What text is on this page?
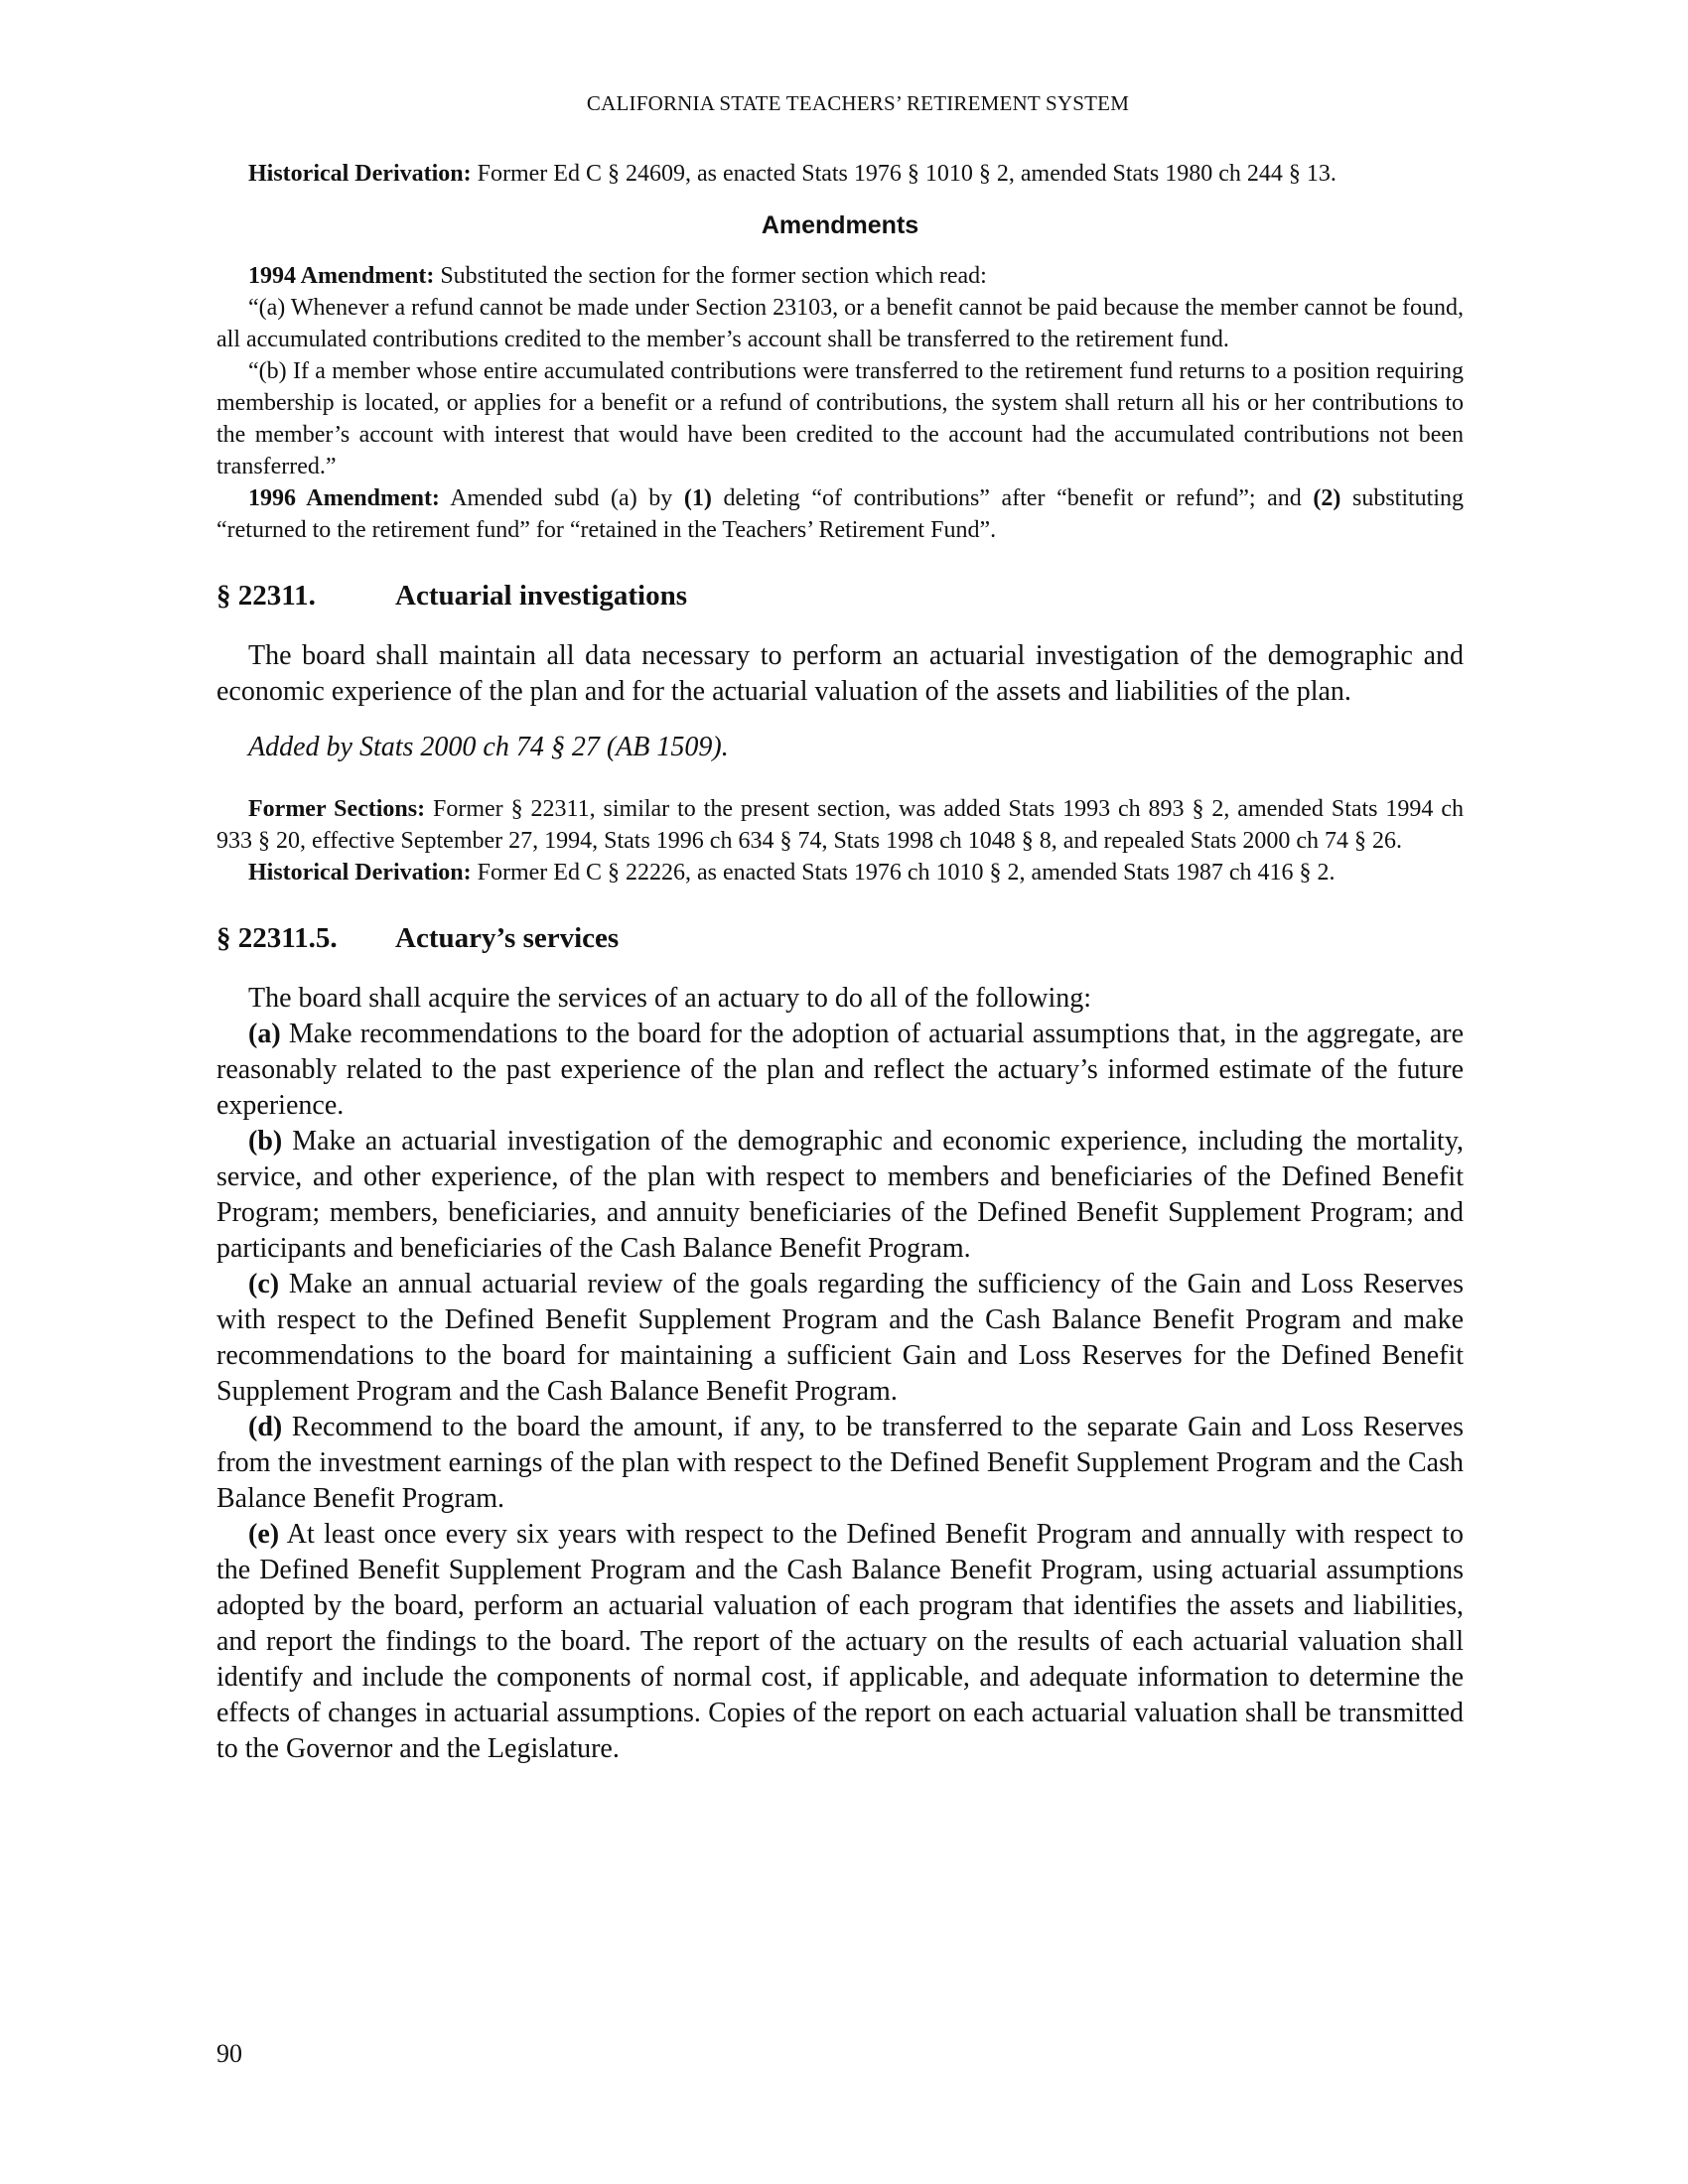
CALIFORNIA STATE TEACHERS’ RETIREMENT SYSTEM

Historical Derivation: Former Ed C § 24609, as enacted Stats 1976 § 1010 § 2, amended Stats 1980 ch 244 § 13.

Amendments

1994 Amendment: Substituted the section for the former section which read:

“(a) Whenever a refund cannot be made under Section 23103, or a benefit cannot be paid because the member cannot be found, all accumulated contributions credited to the member’s account shall be transferred to the retirement fund.

“(b) If a member whose entire accumulated contributions were transferred to the retirement fund returns to a position requiring membership is located, or applies for a benefit or a refund of contributions, the system shall return all his or her contributions to the member’s account with interest that would have been credited to the account had the accumulated contributions not been transferred.”

1996 Amendment: Amended subd (a) by (1) deleting “of contributions” after “benefit or refund”; and (2) substituting “returned to the retirement fund” for “retained in the Teachers’ Retirement Fund”.

§ 22311.	Actuarial investigations

The board shall maintain all data necessary to perform an actuarial investigation of the demographic and economic experience of the plan and for the actuarial valuation of the assets and liabilities of the plan.

Added by Stats 2000 ch 74 § 27 (AB 1509).

Former Sections: Former § 22311, similar to the present section, was added Stats 1993 ch 893 § 2, amended Stats 1994 ch 933 § 20, effective September 27, 1994, Stats 1996 ch 634 § 74, Stats 1998 ch 1048 § 8, and repealed Stats 2000 ch 74 § 26.

Historical Derivation: Former Ed C § 22226, as enacted Stats 1976 ch 1010 § 2, amended Stats 1987 ch 416 § 2.

§ 22311.5. Actuary’s services

The board shall acquire the services of an actuary to do all of the following:

(a) Make recommendations to the board for the adoption of actuarial assumptions that, in the aggregate, are reasonably related to the past experience of the plan and reflect the actuary’s informed estimate of the future experience.

(b) Make an actuarial investigation of the demographic and economic experience, including the mortality, service, and other experience, of the plan with respect to members and beneficiaries of the Defined Benefit Program; members, beneficiaries, and annuity beneficiaries of the Defined Benefit Supplement Program; and participants and beneficiaries of the Cash Balance Benefit Program.

(c) Make an annual actuarial review of the goals regarding the sufficiency of the Gain and Loss Reserves with respect to the Defined Benefit Supplement Program and the Cash Balance Benefit Program and make recommendations to the board for maintaining a sufficient Gain and Loss Reserves for the Defined Benefit Supplement Program and the Cash Balance Benefit Program.

(d) Recommend to the board the amount, if any, to be transferred to the separate Gain and Loss Reserves from the investment earnings of the plan with respect to the Defined Benefit Supplement Program and the Cash Balance Benefit Program.

(e) At least once every six years with respect to the Defined Benefit Program and annually with respect to the Defined Benefit Supplement Program and the Cash Balance Benefit Program, using actuarial assumptions adopted by the board, perform an actuarial valuation of each program that identifies the assets and liabilities, and report the findings to the board. The report of the actuary on the results of each actuarial valuation shall identify and include the components of normal cost, if applicable, and adequate information to determine the effects of changes in actuarial assumptions. Copies of the report on each actuarial valuation shall be transmitted to the Governor and the Legislature.

90
